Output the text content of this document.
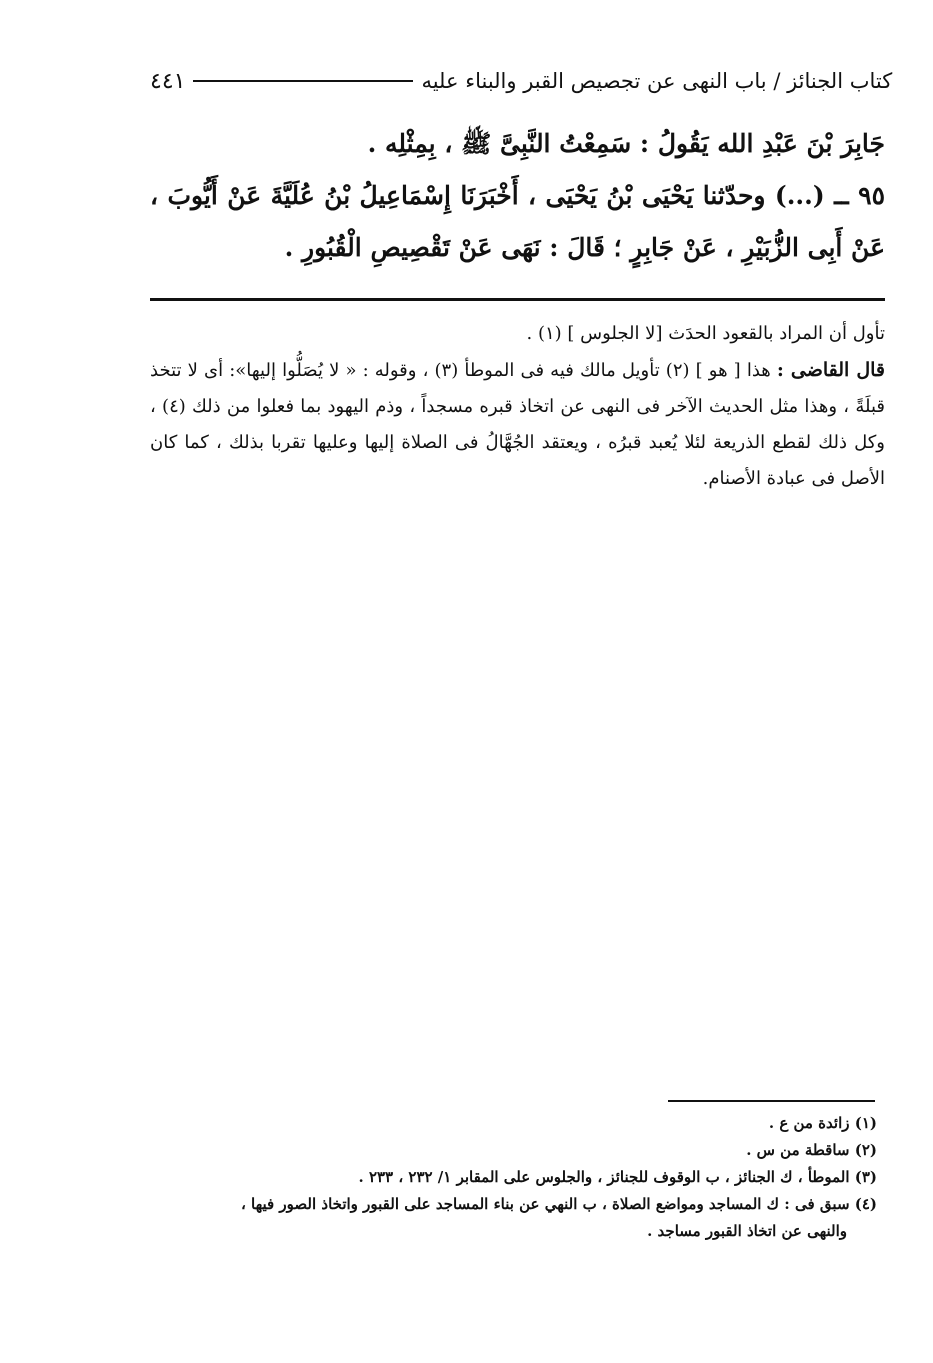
٤٤١	كتاب الجنائز / باب النهى عن تجصيص القبر والبناء عليه

جَابِرَ بْنَ عَبْدِ الله يَقُولُ : سَمِعْتُ النَّبِىَّ ﷺ ، بِمِثْلِه .

٩٥ ــ (...) وحدّثنا يَحْيَى بْنُ يَحْيَى ، أَخْبَرَنَا إِسْمَاعِيلُ بْنُ عُلَيَّةَ عَنْ أَيُّوبَ ، عَنْ أَبِى الزُّبَيْرِ ، عَنْ جَابِرٍ ؛ قَالَ : نَهَى عَنْ تَقْصِيصِ الْقُبُورِ .

تأول أن المراد بالقعود الحدَث [لا الجلوس ] (١) .

قال القاضى : هذا [ هو ] (٢) تأويل مالك فيه فى الموطأ (٣) ، وقوله : « لا يُصَلُّوا إليها»: أى لا تتخذ قبلَةً ، وهذا مثل الحديث الآخر فى النهى عن اتخاذ قبره مسجداً ، وذم اليهود بما فعلوا من ذلك (٤) ، وكل ذلك لقطع الذريعة لئلا يُعبد قبرُه ، ويعتقد الجُهَّالُ فى الصلاة إليها وعليها تقربا بذلك ، كما كان الأصل فى عبادة الأصنام.

(١) زائدة من ع .

(٢) ساقطة من س .

(٣) الموطأ ، ك الجنائز ، ب الوقوف للجنائز ، والجلوس على المقابر ١/ ٢٣٢ ، ٢٣٣ .

(٤) سبق فى : ك المساجد ومواضع الصلاة ، ب النهي عن بناء المساجد على القبور واتخاذ الصور فيها ،

والنهى عن اتخاذ القبور مساجد .
